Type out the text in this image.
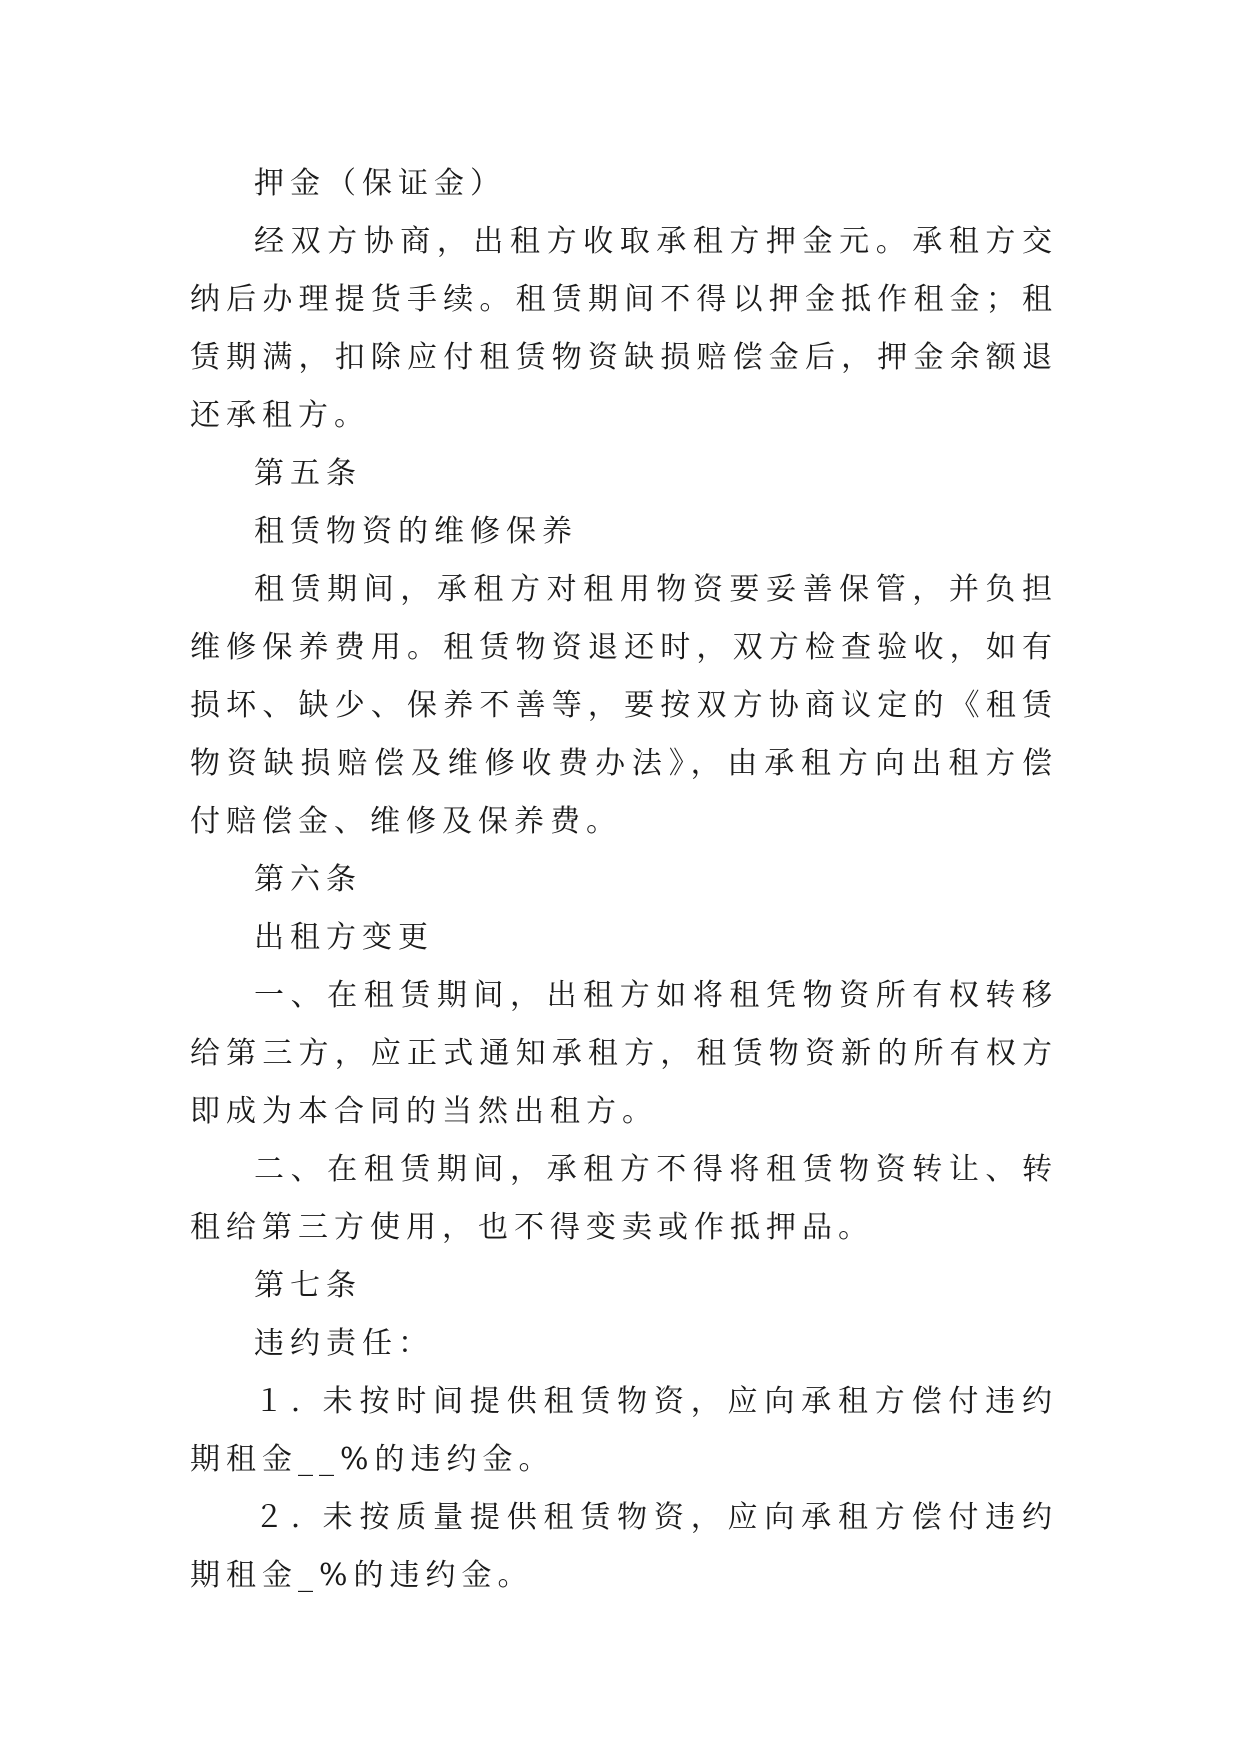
押金（保证金）

经双方协商，出租方收取承租方押金元。承租方交纳后办理提货手续。租赁期间不得以押金抵作租金；租赁期满，扣除应付租赁物资缺损赔偿金后，押金余额退还承租方。

第五条

租赁物资的维修保养

租赁期间，承租方对租用物资要妥善保管，并负担维修保养费用。租赁物资退还时，双方检查验收，如有损坏、缺少、保养不善等，要按双方协商议定的《租赁物资缺损赔偿及维修收费办法》，由承租方向出租方偿付赔偿金、维修及保养费。

第六条

出租方变更

一、在租赁期间，出租方如将租凭物资所有权转移给第三方，应正式通知承租方，租赁物资新的所有权方即成为本合同的当然出租方。

二、在租赁期间，承租方不得将租赁物资转让、转租给第三方使用，也不得变卖或作抵押品。

第七条

违约责任：

１. 未按时间提供租赁物资，应向承租方偿付违约期租金__%的违约金。

２. 未按质量提供租赁物资，应向承租方偿付违约期租金_%的违约金。
